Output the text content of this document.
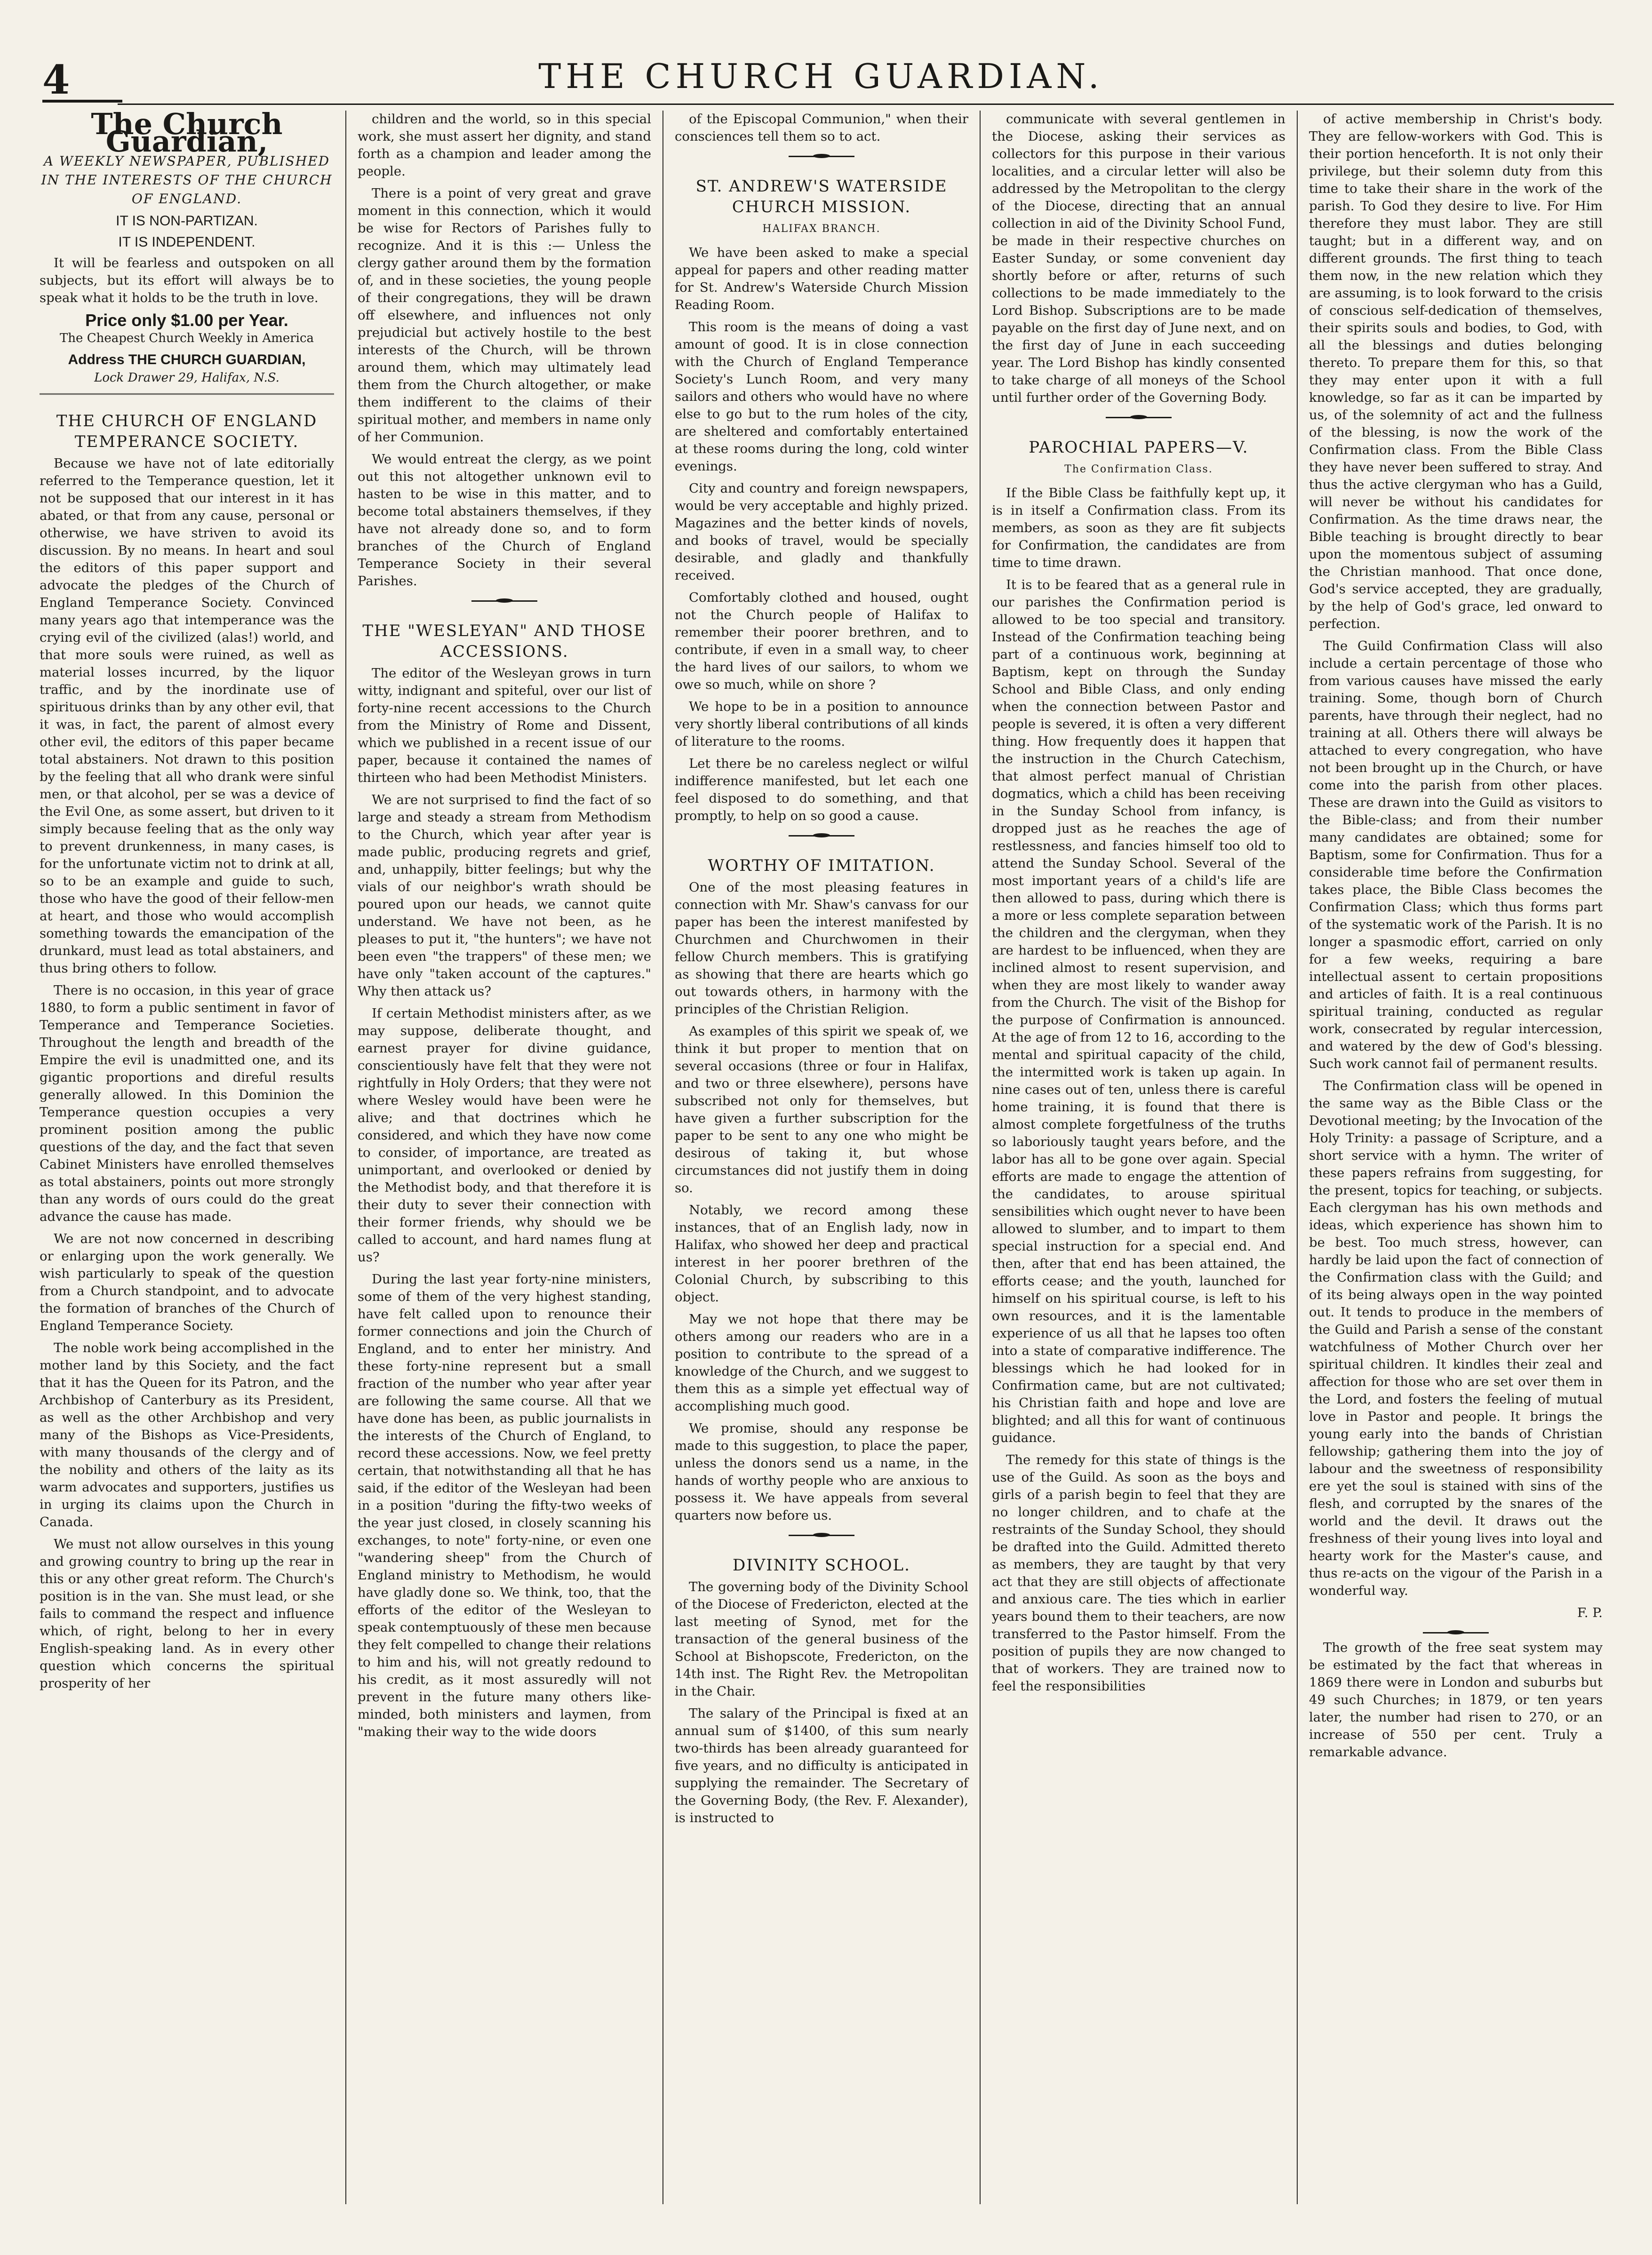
4	THE CHURCH GUARDIAN.
The Church Guardian,
A WEEKLY NEWSPAPER, PUBLISHED IN THE INTERESTS OF THE CHURCH OF ENGLAND.
IT IS NON-PARTIZAN.
IT IS INDEPENDENT.

It will be fearless and outspoken on all subjects, but its effort will always be to speak what it holds to be the truth in love.

Price only $1.00 per Year.
The Cheapest Church Weekly in America
Address THE CHURCH GUARDIAN,
Lock Drawer 29, Halifax, N.S.
THE CHURCH OF ENGLAND TEMPERANCE SOCIETY.

Because we have not of late editorially referred to the Temperance question, let it not be supposed that our interest in it has abated, or that from any cause, personal or otherwise, we have striven to avoid its discussion. By no means. In heart and soul the editors of this paper support and advocate the pledges of the Church of England Temperance Society. Convinced many years ago that intemperance was the crying evil of the civilized (alas!) world, and that more souls were ruined, as well as material losses incurred, by the liquor traffic, and by the inordinate use of spirituous drinks than by any other evil, that it was, in fact, the parent of almost every other evil, the editors of this paper became total abstainers. Not drawn to this position by the feeling that all who drank were sinful men, or that alcohol, per se was a device of the Evil One, as some assert, but driven to it simply because feeling that as the only way to prevent drunkenness, in many cases, is for the unfortunate victim not to drink at all, so to be an example and guide to such, those who have the good of their fellow-men at heart, and those who would accomplish something towards the emancipation of the drunkard, must lead as total abstainers, and thus bring others to follow.

There is no occasion, in this year of grace 1880, to form a public sentiment in favor of Temperance and Temperance Societies. Throughout the length and breadth of the Empire the evil is unadmitted one, and its gigantic proportions and direful results generally allowed. In this Dominion the Temperance question occupies a very prominent position among the public questions of the day, and the fact that seven Cabinet Ministers have enrolled themselves as total abstainers, points out more strongly than any words of ours could do the great advance the cause has made.

We are not now concerned in describing or enlarging upon the work generally. We wish particularly to speak of the question from a Church standpoint, and to advocate the formation of branches of the Church of England Temperance Society.

The noble work being accomplished in the mother land by this Society, and the fact that it has the Queen for its Patron, and the Archbishop of Canterbury as its President, as well as the other Archbishop and very many of the Bishops as Vice-Presidents, with many thousands of the clergy and of the nobility and others of the laity as its warm advocates and supporters, justifies us in urging its claims upon the Church in Canada.

We must not allow ourselves in this young and growing country to bring up the rear in this or any other great reform. The Church's position is in the van. She must lead, or she fails to command the respect and influence which, of right, belong to her in every English-speaking land. As in every other question which concerns the spiritual prosperity of her

children and the world, so in this special work, she must assert her dignity, and stand forth as a champion and leader among the people.

There is a point of very great and grave moment in this connection, which it would be wise for Rectors of Parishes fully to recognize. And it is this :— Unless the clergy gather around them by the formation of, and in these societies, the young people of their congregations, they will be drawn off elsewhere, and influences not only prejudicial but actively hostile to the best interests of the Church, will be thrown around them, which may ultimately lead them from the Church altogether, or make them indifferent to the claims of their spiritual mother, and members in name only of her Communion.

We would entreat the clergy, as we point out this not altogether unknown evil to hasten to be wise in this matter, and to become total abstainers themselves, if they have not already done so, and to form branches of the Church of England Temperance Society in their several Parishes.

THE "WESLEYAN" AND THOSE ACCESSIONS.

The editor of the Wesleyan grows in turn witty, indignant and spiteful, over our list of forty-nine recent accessions to the Church from the Ministry of Rome and Dissent, which we published in a recent issue of our paper, because it contained the names of thirteen who had been Methodist Ministers.

We are not surprised to find the fact of so large and steady a stream from Methodism to the Church, which year after year is made public, producing regrets and grief, and, unhappily, bitter feelings; but why the vials of our neighbor's wrath should be poured upon our heads, we cannot quite understand. We have not been, as he pleases to put it, "the hunters"; we have not been even "the trappers" of these men; we have only "taken account of the captures." Why then attack us?

If certain Methodist ministers after, as we may suppose, deliberate thought, and earnest prayer for divine guidance, conscientiously have felt that they were not rightfully in Holy Orders; that they were not where Wesley would have been were he alive; and that doctrines which he considered, and which they have now come to consider, of importance, are treated as unimportant, and overlooked or denied by the Methodist body, and that therefore it is their duty to sever their connection with their former friends, why should we be called to account, and hard names flung at us?

During the last year forty-nine ministers, some of them of the very highest standing, have felt called upon to renounce their former connections and join the Church of England, and to enter her ministry. And these forty-nine represent but a small fraction of the number who year after year are following the same course. All that we have done has been, as public journalists in the interests of the Church of England, to record these accessions. Now, we feel pretty certain, that notwithstanding all that he has said, if the editor of the Wesleyan had been in a position "during the fifty-two weeks of the year just closed, in closely scanning his exchanges, to note" forty-nine, or even one "wandering sheep" from the Church of England ministry to Methodism, he would have gladly done so. We think, too, that the efforts of the editor of the Wesleyan to speak contemptuously of these men because they felt compelled to change their relations to him and his, will not greatly redound to his credit, as it most assuredly will not prevent in the future many others like-minded, both ministers and laymen, from "making their way to the wide doors

of the Episcopal Communion," when their consciences tell them so to act.

ST. ANDREW'S WATERSIDE CHURCH MISSION.
HALIFAX BRANCH.

We have been asked to make a special appeal for papers and other reading matter for St. Andrew's Waterside Church Mission Reading Room.

This room is the means of doing a vast amount of good. It is in close connection with the Church of England Temperance Society's Lunch Room, and very many sailors and others who would have no where else to go but to the rum holes of the city, are sheltered and comfortably entertained at these rooms during the long, cold winter evenings.

City and country and foreign newspapers, would be very acceptable and highly prized. Magazines and the better kinds of novels, and books of travel, would be specially desirable, and gladly and thankfully received.

Comfortably clothed and housed, ought not the Church people of Halifax to remember their poorer brethren, and to contribute, if even in a small way, to cheer the hard lives of our sailors, to whom we owe so much, while on shore ?

We hope to be in a position to announce very shortly liberal contributions of all kinds of literature to the rooms.

Let there be no careless neglect or wilful indifference manifested, but let each one feel disposed to do something, and that promptly, to help on so good a cause.

WORTHY OF IMITATION.

One of the most pleasing features in connection with Mr. Shaw's canvass for our paper has been the interest manifested by Churchmen and Churchwomen in their fellow Church members. This is gratifying as showing that there are hearts which go out towards others, in harmony with the principles of the Christian Religion.

As examples of this spirit we speak of, we think it but proper to mention that on several occasions (three or four in Halifax, and two or three elsewhere), persons have subscribed not only for themselves, but have given a further subscription for the paper to be sent to any one who might be desirous of taking it, but whose circumstances did not justify them in doing so.

Notably, we record among these instances, that of an English lady, now in Halifax, who showed her deep and practical interest in her poorer brethren of the Colonial Church, by subscribing to this object.

May we not hope that there may be others among our readers who are in a position to contribute to the spread of a knowledge of the Church, and we suggest to them this as a simple yet effectual way of accomplishing much good.

We promise, should any response be made to this suggestion, to place the paper, unless the donors send us a name, in the hands of worthy people who are anxious to possess it. We have appeals from several quarters now before us.

DIVINITY SCHOOL.

The governing body of the Divinity School of the Diocese of Fredericton, elected at the last meeting of Synod, met for the transaction of the general business of the School at Bishopscote, Fredericton, on the 14th inst. The Right Rev. the Metropolitan in the Chair.

The salary of the Principal is fixed at an annual sum of $1400, of this sum nearly two-thirds has been already guaranteed for five years, and no difficulty is anticipated in supplying the remainder. The Secretary of the Governing Body, (the Rev. F. Alexander), is instructed to

communicate with several gentlemen in the Diocese, asking their services as collectors for this purpose in their various localities, and a circular letter will also be addressed by the Metropolitan to the clergy of the Diocese, directing that an annual collection in aid of the Divinity School Fund, be made in their respective churches on Easter Sunday, or some convenient day shortly before or after, returns of such collections to be made immediately to the Lord Bishop. Subscriptions are to be made payable on the first day of June next, and on the first day of June in each succeeding year. The Lord Bishop has kindly consented to take charge of all moneys of the School until further order of the Governing Body.

PAROCHIAL PAPERS—V.
The Confirmation Class.

If the Bible Class be faithfully kept up, it is in itself a Confirmation class. From its members, as soon as they are fit subjects for Confirmation, the candidates are from time to time drawn.

It is to be feared that as a general rule in our parishes the Confirmation period is allowed to be too special and transitory. Instead of the Confirmation teaching being part of a continuous work, beginning at Baptism, kept on through the Sunday School and Bible Class, and only ending when the connection between Pastor and people is severed, it is often a very different thing. How frequently does it happen that the instruction in the Church Catechism, that almost perfect manual of Christian dogmatics, which a child has been receiving in the Sunday School from infancy, is dropped just as he reaches the age of restlessness, and fancies himself too old to attend the Sunday School. Several of the most important years of a child's life are then allowed to pass, during which there is a more or less complete separation between the children and the clergyman, when they are hardest to be influenced, when they are inclined almost to resent supervision, and when they are most likely to wander away from the Church. The visit of the Bishop for the purpose of Confirmation is announced. At the age of from 12 to 16, according to the mental and spiritual capacity of the child, the intermitted work is taken up again. In nine cases out of ten, unless there is careful home training, it is found that there is almost complete forgetfulness of the truths so laboriously taught years before, and the labor has all to be gone over again. Special efforts are made to engage the attention of the candidates, to arouse spiritual sensibilities which ought never to have been allowed to slumber, and to impart to them special instruction for a special end. And then, after that end has been attained, the efforts cease; and the youth, launched for himself on his spiritual course, is left to his own resources, and it is the lamentable experience of us all that he lapses too often into a state of comparative indifference. The blessings which he had looked for in Confirmation came, but are not cultivated; his Christian faith and hope and love are blighted; and all this for want of continuous guidance.

The remedy for this state of things is the use of the Guild. As soon as the boys and girls of a parish begin to feel that they are no longer children, and to chafe at the restraints of the Sunday School, they should be drafted into the Guild. Admitted thereto as members, they are taught by that very act that they are still objects of affectionate and anxious care. The ties which in earlier years bound them to their teachers, are now transferred to the Pastor himself. From the position of pupils they are now changed to that of workers. They are trained now to feel the responsibilities

of active membership in Christ's body. They are fellow-workers with God. This is their portion henceforth. It is not only their privilege, but their solemn duty from this time to take their share in the work of the parish. To God they desire to live. For Him therefore they must labor. They are still taught; but in a different way, and on different grounds. The first thing to teach them now, in the new relation which they are assuming, is to look forward to the crisis of conscious self-dedication of themselves, their spirits souls and bodies, to God, with all the blessings and duties belonging thereto. To prepare them for this, so that they may enter upon it with a full knowledge, so far as it can be imparted by us, of the solemnity of act and the fullness of the blessing, is now the work of the Confirmation class. From the Bible Class they have never been suffered to stray. And thus the active clergyman who has a Guild, will never be without his candidates for Confirmation. As the time draws near, the Bible teaching is brought directly to bear upon the momentous subject of assuming the Christian manhood. That once done, God's service accepted, they are gradually, by the help of God's grace, led onward to perfection.

The Guild Confirmation Class will also include a certain percentage of those who from various causes have missed the early training. Some, though born of Church parents, have through their neglect, had no training at all. Others there will always be attached to every congregation, who have not been brought up in the Church, or have come into the parish from other places. These are drawn into the Guild as visitors to the Bible-class; and from their number many candidates are obtained; some for Baptism, some for Confirmation. Thus for a considerable time before the Confirmation takes place, the Bible Class becomes the Confirmation Class; which thus forms part of the systematic work of the Parish. It is no longer a spasmodic effort, carried on only for a few weeks, requiring a bare intellectual assent to certain propositions and articles of faith. It is a real continuous spiritual training, conducted as regular work, consecrated by regular intercession, and watered by the dew of God's blessing. Such work cannot fail of permanent results.

The Confirmation class will be opened in the same way as the Bible Class or the Devotional meeting; by the Invocation of the Holy Trinity: a passage of Scripture, and a short service with a hymn. The writer of these papers refrains from suggesting, for the present, topics for teaching, or subjects. Each clergyman has his own methods and ideas, which experience has shown him to be best. Too much stress, however, can hardly be laid upon the fact of connection of the Confirmation class with the Guild; and of its being always open in the way pointed out. It tends to produce in the members of the Guild and Parish a sense of the constant watchfulness of Mother Church over her spiritual children. It kindles their zeal and affection for those who are set over them in the Lord, and fosters the feeling of mutual love in Pastor and people. It brings the young early into the bands of Christian fellowship; gathering them into the joy of labour and the sweetness of responsibility ere yet the soul is stained with sins of the flesh, and corrupted by the snares of the world and the devil. It draws out the freshness of their young lives into loyal and hearty work for the Master's cause, and thus re-acts on the vigour of the Parish in a wonderful way.

F. P.

The growth of the free seat system may be estimated by the fact that whereas in 1869 there were in London and suburbs but 49 such Churches; in 1879, or ten years later, the number had risen to 270, or an increase of 550 per cent. Truly a remarkable advance.
